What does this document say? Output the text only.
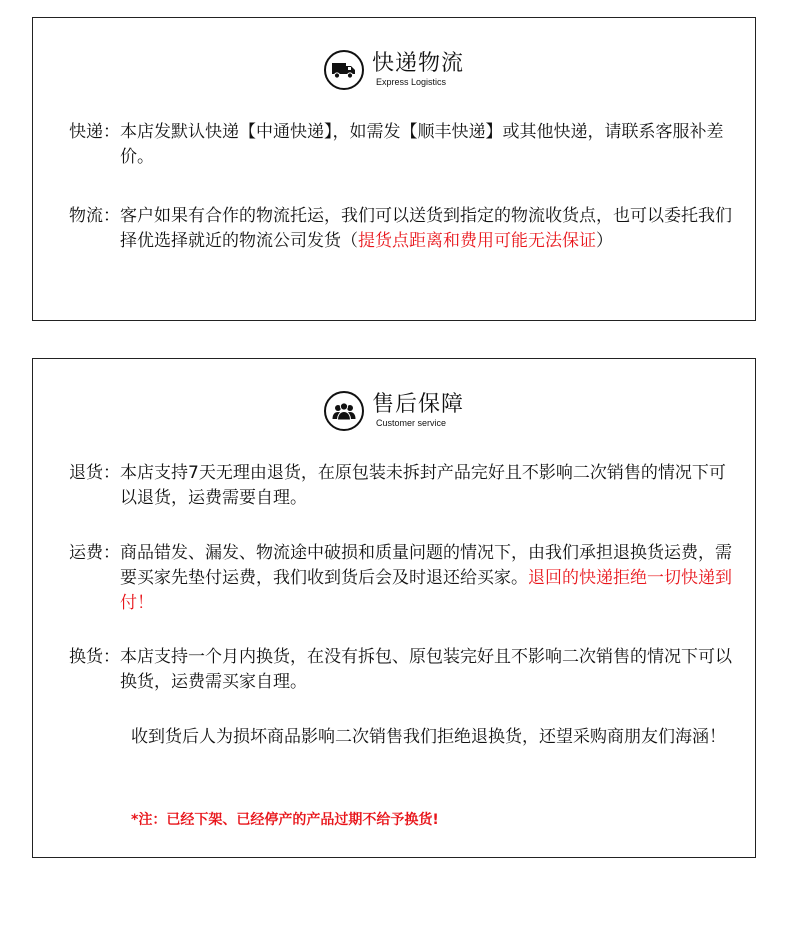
快递物流
Express Logistics
快递： 本店发默认快递【中通快递】，如需发【顺丰快递】或其他快递，请联系客服补差价。
物流： 客户如果有合作的物流托运，我们可以送货到指定的物流收货点，也可以委托我们择优选择就近的物流公司发货（提货点距离和费用可能无法保证）
售后保障
Customer service
退货： 本店支持7天无理由退货，在原包装未拆封产品完好且不影响二次销售的情况下可以退货，运费需要自理。
运费： 商品错发、漏发、物流途中破损和质量问题的情况下，由我们承担退换货运费，需要买家先垫付运费，我们收到货后会及时退还给买家。退回的快递拒绝一切快递到付！
换货： 本店支持一个月内换货，在没有拆包、原包装完好且不影响二次销售的情况下可以换货，运费需买家自理。
收到货后人为损坏商品影响二次销售我们拒绝退换货，还望采购商朋友们海涵！
*注：已经下架、已经停产的产品过期不给予换货!
